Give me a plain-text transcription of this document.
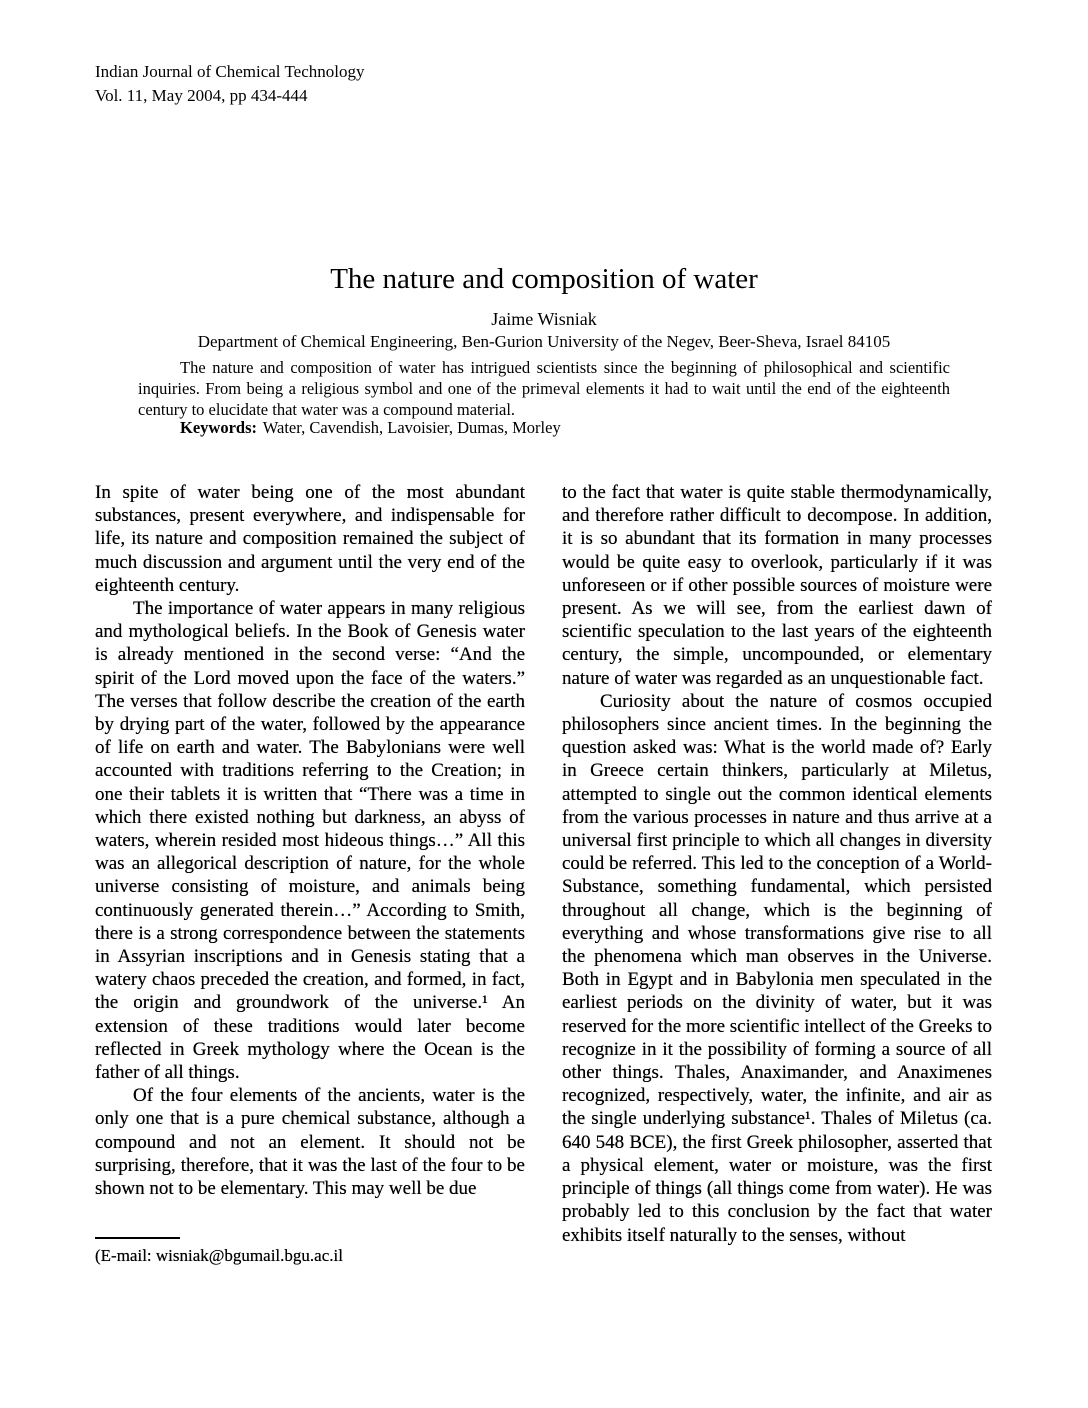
Indian Journal of Chemical Technology
Vol. 11, May 2004, pp 434-444
The nature and composition of water
Jaime Wisniak
Department of Chemical Engineering, Ben-Gurion University of the Negev, Beer-Sheva, Israel 84105

The nature and composition of water has intrigued scientists since the beginning of philosophical and scientific inquiries. From being a religious symbol and one of the primeval elements it had to wait until the end of the eighteenth century to elucidate that water was a compound material.

Keywords: Water, Cavendish, Lavoisier, Dumas, Morley

In spite of water being one of the most abundant substances, present everywhere, and indispensable for life, its nature and composition remained the subject of much discussion and argument until the very end of the eighteenth century.

The importance of water appears in many religious and mythological beliefs. In the Book of Genesis water is already mentioned in the second verse: “And the spirit of the Lord moved upon the face of the waters.” The verses that follow describe the creation of the earth by drying part of the water, followed by the appearance of life on earth and water. The Babylonians were well accounted with traditions referring to the Creation; in one their tablets it is written that “There was a time in which there existed nothing but darkness, an abyss of waters, wherein resided most hideous things…” All this was an allegorical description of nature, for the whole universe consisting of moisture, and animals being continuously generated therein…” According to Smith, there is a strong correspondence between the statements in Assyrian inscriptions and in Genesis stating that a watery chaos preceded the creation, and formed, in fact, the origin and groundwork of the universe.¹ An extension of these traditions would later become reflected in Greek mythology where the Ocean is the father of all things.

Of the four elements of the ancients, water is the only one that is a pure chemical substance, although a compound and not an element. It should not be surprising, therefore, that it was the last of the four to be shown not to be elementary. This may well be due

to the fact that water is quite stable thermodynamically, and therefore rather difficult to decompose. In addition, it is so abundant that its formation in many processes would be quite easy to overlook, particularly if it was unforeseen or if other possible sources of moisture were present. As we will see, from the earliest dawn of scientific speculation to the last years of the eighteenth century, the simple, uncompounded, or elementary nature of water was regarded as an unquestionable fact.

Curiosity about the nature of cosmos occupied philosophers since ancient times. In the beginning the question asked was: What is the world made of? Early in Greece certain thinkers, particularly at Miletus, attempted to single out the common identical elements from the various processes in nature and thus arrive at a universal first principle to which all changes in diversity could be referred. This led to the conception of a World-Substance, something fundamental, which persisted throughout all change, which is the beginning of everything and whose transformations give rise to all the phenomena which man observes in the Universe. Both in Egypt and in Babylonia men speculated in the earliest periods on the divinity of water, but it was reserved for the more scientific intellect of the Greeks to recognize in it the possibility of forming a source of all other things. Thales, Anaximander, and Anaximenes recognized, respectively, water, the infinite, and air as the single underlying substance¹. Thales of Miletus (ca. 640 548 BCE), the first Greek philosopher, asserted that a physical element, water or moisture, was the first principle of things (all things come from water). He was probably led to this conclusion by the fact that water exhibits itself naturally to the senses, without

(E-mail: wisniak@bgumail.bgu.ac.il
